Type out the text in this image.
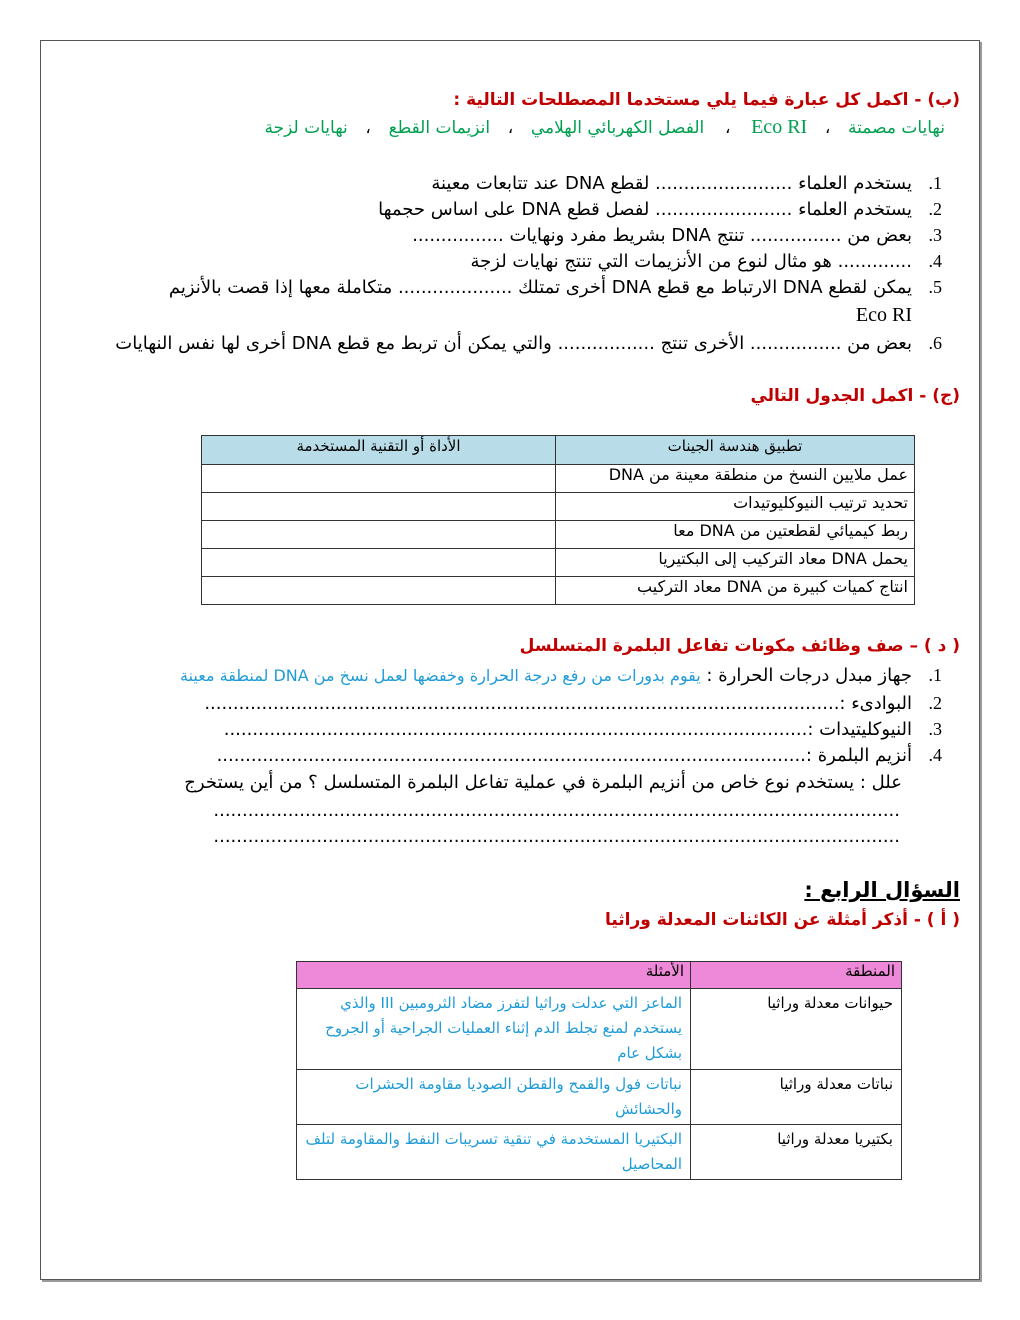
(ب) - اكمل كل عبارة فيما يلي مستخدما المصطلحات التالية :
نهايات مصمتة ، Eco RI ، الفصل الكهربائي الهلامي ، انزيمات القطع ، نهايات لزجة
1.يستخدم العلماء ........................ لقطع DNA عند تتابعات معينة
2.يستخدم العلماء ........................ لفصل قطع DNA على اساس حجمها
3.بعض من ................ تنتج DNA بشريط مفرد ونهايات ................
4.............. هو مثال لنوع من الأنزيمات التي تنتج نهايات لزجة
5.يمكن لقطع DNA الارتباط مع قطع DNA أخرى تمتلك .................... متكاملة معها إذا قصت بالأنزيم
Eco RI
6.بعض من ................ الأخرى تنتج ................. والتي يمكن أن تربط مع قطع DNA أخرى لها نفس النهايات
(ج) - اكمل الجدول التالي
تطبيق هندسة الجينات	الأداة أو التقنية المستخدمة
عمل ملايين النسخ من منطقة معينة من DNA	
تحديد ترتيب النيوكليوتيدات	
ربط كيميائي لقطعتين من DNA معا	
يحمل DNA معاد التركيب إلى البكتيريا	
انتاج كميات كبيرة من DNA معاد التركيب	
( د ) – صف وظائف مكونات تفاعل البلمرة المتسلسل
1.جهاز مبدل درجات الحرارة : يقوم بدورات من رفع درجة الحرارة وخفضها لعمل نسخ من DNA لمنطقة معينة
2.البوادىء :...............................................................................................................
3.النيوكليتيدات :......................................................................................................
4.أنزيم البلمرة :.......................................................................................................
علل : يستخدم نوع خاص من أنزيم البلمرة في عملية تفاعل البلمرة المتسلسل ؟ من أين يستخرج
........................................................................................................................
........................................................................................................................
السؤال الرابع :
( أ ) - أذكر أمثلة عن الكائنات المعدلة وراثيا
المنطقة	الأمثلة
حيوانات معدلة وراثيا	الماعز التي عدلت وراثيا لتفرز مضاد الثرومبين III والذي يستخدم لمنع تجلط الدم إثناء العمليات الجراحية أو الجروح بشكل عام
نباتات معدلة وراثيا	نباتات فول والقمح والقطن الصوديا مقاومة الحشرات والحشائش
بكتيريا معدلة وراثيا	البكتيريا المستخدمة في تنقية تسريبات النفط والمقاومة لتلف المحاصيل
